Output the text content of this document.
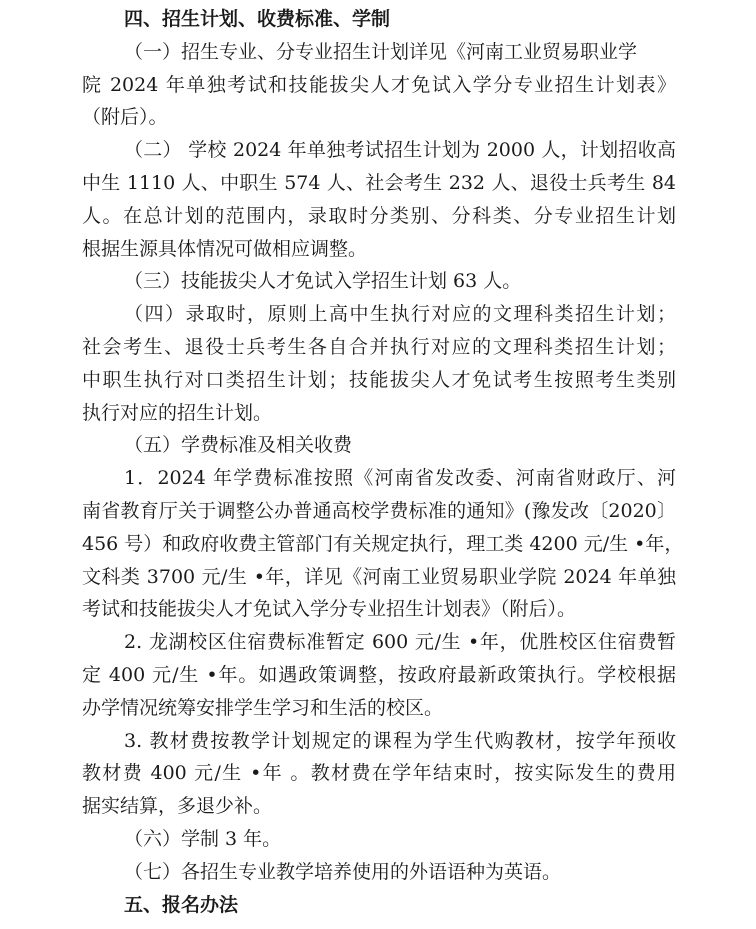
四、招生计划、收费标准、学制
（一）招生专业、分专业招生计划详见《河南工业贸易职业学
院 2024 年单独考试和技能拔尖人才免试入学分专业招生计划表》
（附后）。
（二） 学校 2024 年单独考试招生计划为 2000 人，计划招收高
中生 1110 人、中职生 574 人、社会考生 232 人、退役士兵考生 84
人。在总计划的范围内，录取时分类别、分科类、分专业招生计划
根据生源具体情况可做相应调整。
（三）技能拔尖人才免试入学招生计划 63 人。
（四）录取时，原则上高中生执行对应的文理科类招生计划；
社会考生、退役士兵考生各自合并执行对应的文理科类招生计划；
中职生执行对口类招生计划；技能拔尖人才免试考生按照考生类别
执行对应的招生计划。
（五）学费标准及相关收费
1．2024 年学费标准按照《河南省发改委、河南省财政厅、河
南省教育厅关于调整公办普通高校学费标准的通知》(豫发改〔2020〕
456 号）和政府收费主管部门有关规定执行，理工类 4200 元/生 •年，
文科类 3700 元/生 •年，详见《河南工业贸易职业学院 2024 年单独
考试和技能拔尖人才免试入学分专业招生计划表》（附后）。
2. 龙湖校区住宿费标准暂定 600 元/生 •年，优胜校区住宿费暂
定 400 元/生 •年。如遇政策调整，按政府最新政策执行。学校根据
办学情况统筹安排学生学习和生活的校区。
3. 教材费按教学计划规定的课程为学生代购教材，按学年预收
教材费 400 元/生 •年 。教材费在学年结束时，按实际发生的费用
据实结算，多退少补。
（六）学制 3 年。
（七）各招生专业教学培养使用的外语语种为英语。
五、报名办法
